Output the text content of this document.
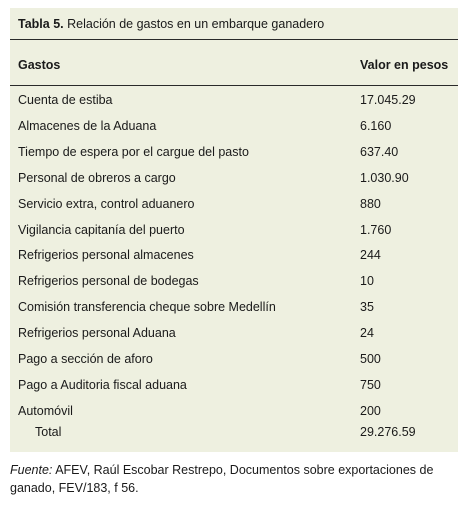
Tabla 5. Relación de gastos en un embarque ganadero
Gastos	Valor en pesos
Cuenta de estiba	17.045.29
Almacenes de la Aduana	6.160
Tiempo de espera por el cargue del pasto	637.40
Personal de obreros a cargo	1.030.90
Servicio extra, control aduanero	880
Vigilancia capitanía del puerto	1.760
Refrigerios personal almacenes	244
Refrigerios personal de bodegas	10
Comisión transferencia cheque sobre Medellín	35
Refrigerios personal Aduana	24
Pago a sección de aforo	500
Pago a Auditoria fiscal aduana	750
Automóvil	200
Total	29.276.59
Fuente: AFEV, Raúl Escobar Restrepo, Documentos sobre exportaciones de ganado, FEV/183, f 56.
